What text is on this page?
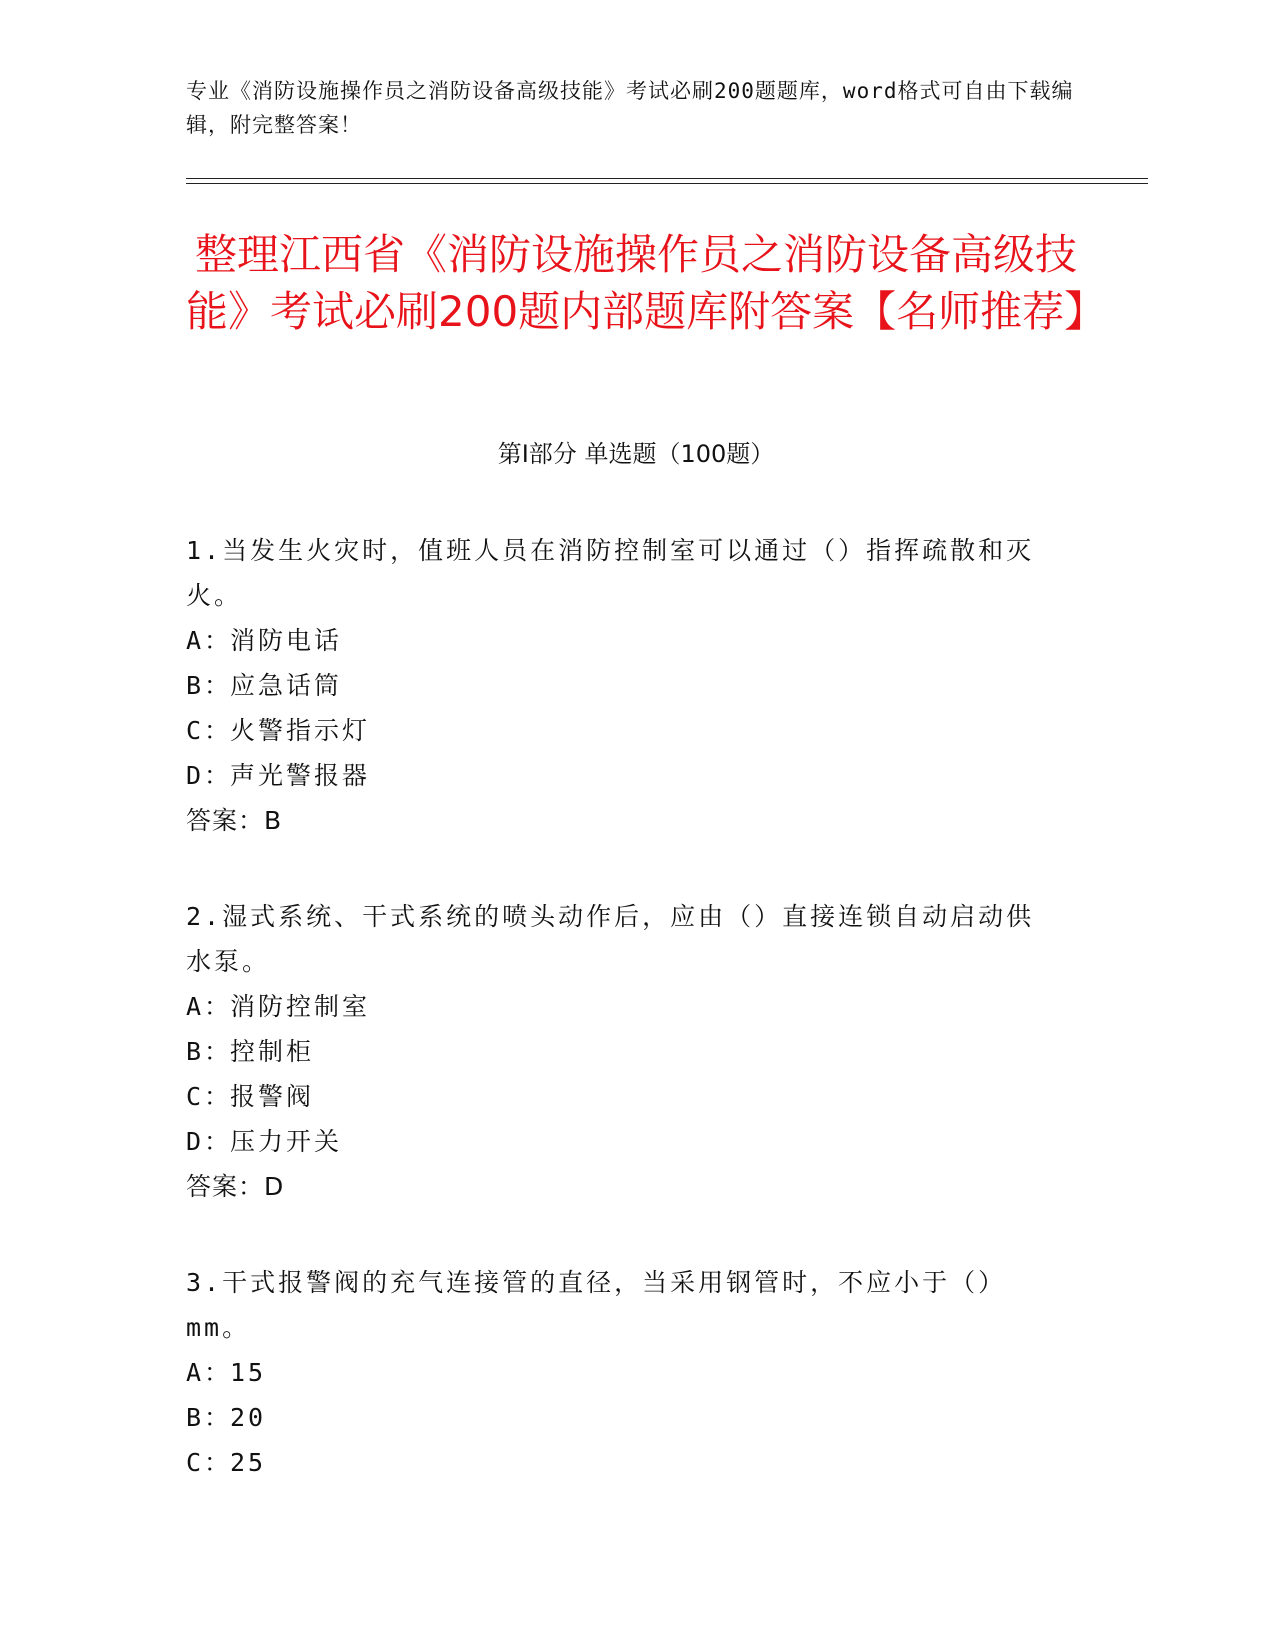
专业《消防设施操作员之消防设备高级技能》考试必刷200题题库，word格式可自由下载编辑，附完整答案！
整理江西省《消防设施操作员之消防设备高级技能》考试必刷200题内部题库附答案【名师推荐】
第I部分 单选题（100题）
1.当发生火灾时，值班人员在消防控制室可以通过（）指挥疏散和灭火。
A：消防电话
B：应急话筒
C：火警指示灯
D：声光警报器
答案：B
2.湿式系统、干式系统的喷头动作后，应由（）直接连锁自动启动供水泵。
A：消防控制室
B：控制柜
C：报警阀
D：压力开关
答案：D
3.干式报警阀的充气连接管的直径，当采用钢管时，不应小于（）mm。
A：15
B：20
C：25
